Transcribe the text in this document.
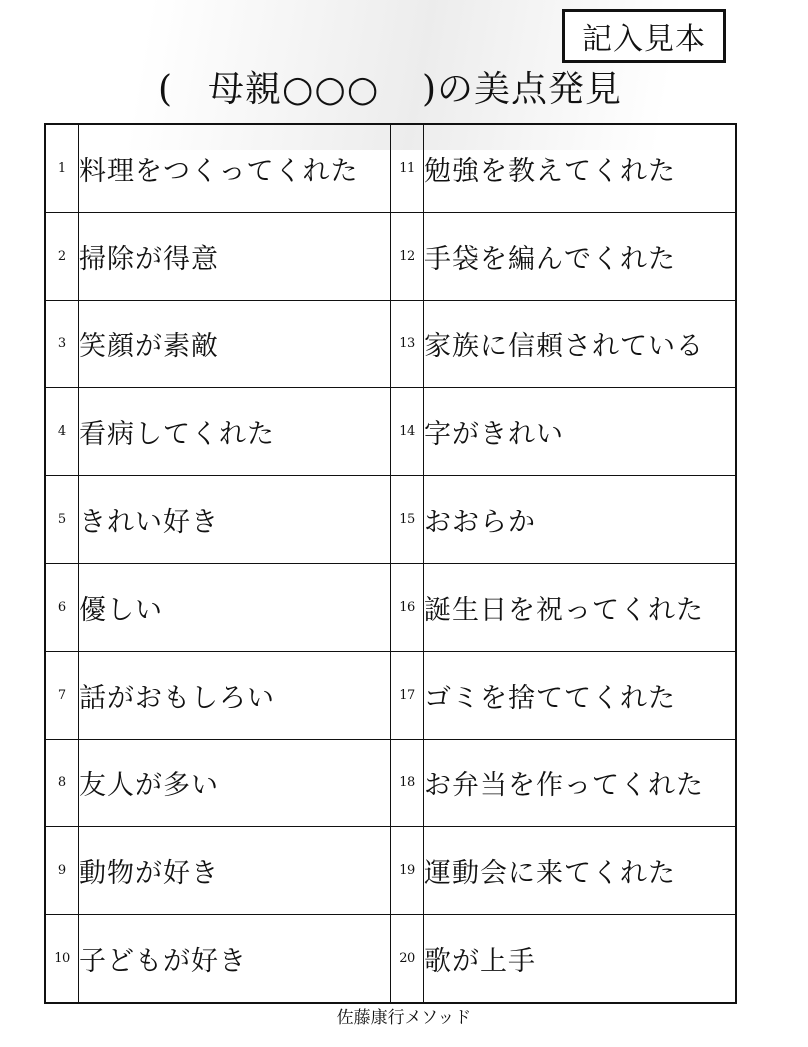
記入見本
( 母親○○○ )の美点発見
1	料理をつくってくれた	11	勉強を教えてくれた
2	掃除が得意	12	手袋を編んでくれた
3	笑顔が素敵	13	家族に信頼されている
4	看病してくれた	14	字がきれい
5	きれい好き	15	おおらか
6	優しい	16	誕生日を祝ってくれた
7	話がおもしろい	17	ゴミを捨ててくれた
8	友人が多い	18	お弁当を作ってくれた
9	動物が好き	19	運動会に来てくれた
10	子どもが好き	20	歌が上手
佐藤康行メソッド
